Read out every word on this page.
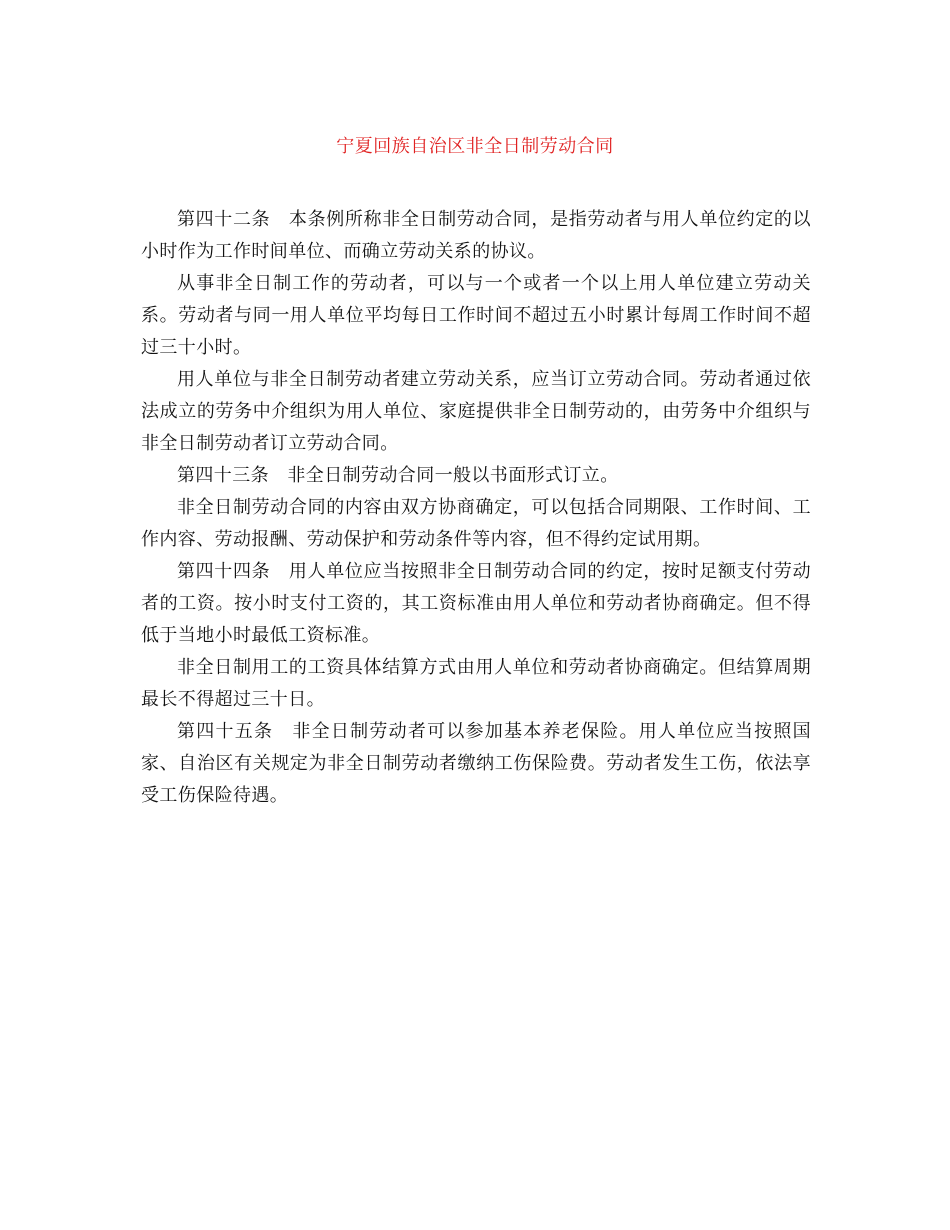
宁夏回族自治区非全日制劳动合同

第四十二条　本条例所称非全日制劳动合同，是指劳动者与用人单位约定的以小时作为工作时间单位、而确立劳动关系的协议。

从事非全日制工作的劳动者，可以与一个或者一个以上用人单位建立劳动关系。劳动者与同一用人单位平均每日工作时间不超过五小时累计每周工作时间不超过三十小时。

用人单位与非全日制劳动者建立劳动关系，应当订立劳动合同。劳动者通过依法成立的劳务中介组织为用人单位、家庭提供非全日制劳动的，由劳务中介组织与非全日制劳动者订立劳动合同。

第四十三条　非全日制劳动合同一般以书面形式订立。

非全日制劳动合同的内容由双方协商确定，可以包括合同期限、工作时间、工作内容、劳动报酬、劳动保护和劳动条件等内容，但不得约定试用期。

第四十四条　用人单位应当按照非全日制劳动合同的约定，按时足额支付劳动者的工资。按小时支付工资的，其工资标准由用人单位和劳动者协商确定。但不得低于当地小时最低工资标准。

非全日制用工的工资具体结算方式由用人单位和劳动者协商确定。但结算周期最长不得超过三十日。

第四十五条　非全日制劳动者可以参加基本养老保险。用人单位应当按照国家、自治区有关规定为非全日制劳动者缴纳工伤保险费。劳动者发生工伤，依法享受工伤保险待遇。
